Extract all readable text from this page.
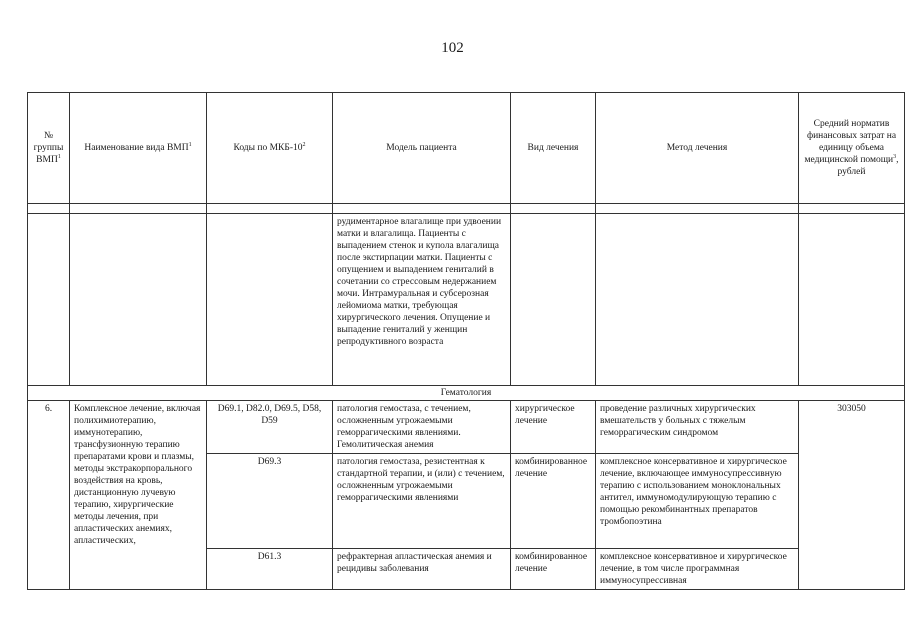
102
№ группы ВМП$^1$	Наименование вида ВМП$^1$	Коды по МКБ-$10^2$	Модель пациента	Вид лечения	Метод лечения	Средний норматив финансовых затрат на единицу объема медицинской помощи$^3$, рублей

			рудиментарное влагалище при удвоении матки и влагалища. Пациенты с выпадением стенок и купола влагалища после экстирпации матки. Пациенты с опущением и выпадением гениталий в сочетании со стрессовым недержанием мочи. Интрамуральная и субсерозная лейомиома матки, требующая хирургического лечения. Опущение и выпадение гениталий у женщин репродуктивного возраста			
Гематология						
6.	Комплексное лечение, включая полихимиотерапию, иммунотерапию, трансфузионную терапию препаратами крови и плазмы, методы экстракорпорального воздействия на кровь, дистанционную лучевую терапию, хирургические методы лечения, при апластических анемиях, апластических,	D69.1, D82.0, D69.5, D58, D59	патология гемостаза, с течением, осложненным угрожаемыми геморрагическими явлениями. Гемолитическая анемия	хирургическое лечение	проведение различных хирургических вмешательств у больных с тяжелым геморрагическим синдромом	303050
		D69.3	патология гемостаза, резистентная к стандартной терапии, и (или) с течением, осложненным угрожаемыми геморрагическими явлениями	комбинированное лечение	комплексное консервативное и хирургическое лечение, включающее иммуносупрессивную терапию с использованием моноклональных антител, иммуномодулирующую терапию с помощью рекомбинантных препаратов тромбопоэтина	
		D61.3	рефрактерная апластическая анемия и рецидивы заболевания	комбинированное лечение	комплексное консервативное и хирургическое лечение, в том числе программная иммуносупрессивная	
